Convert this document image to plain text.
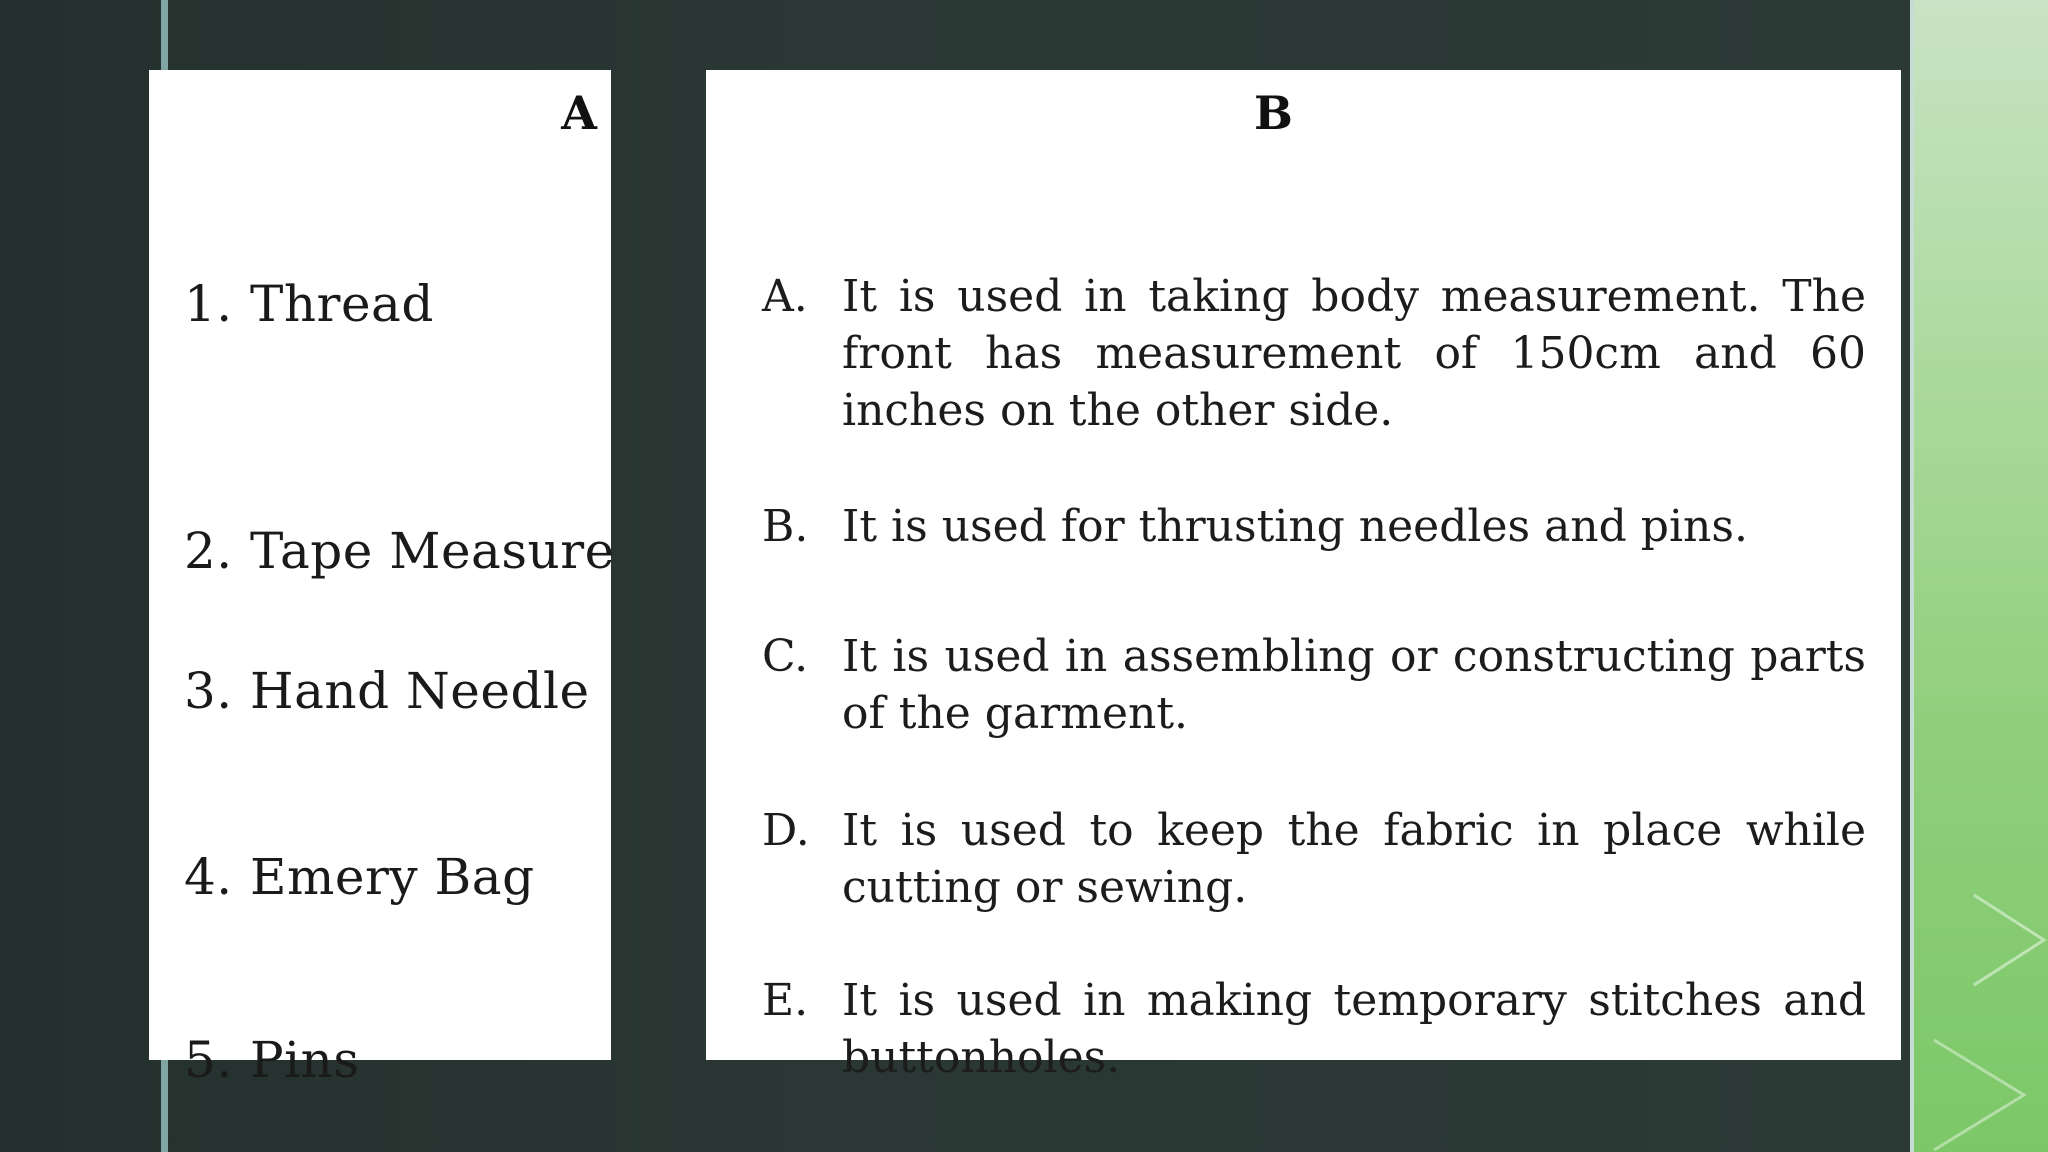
A
1. Thread
2. Tape Measure
3. Hand Needle
4. Emery Bag
5. Pins
B
A. It is used in taking body measurement. The front has measurement of 150cm and 60 inches on the other side.
B. It is used for thrusting needles and pins.
C. It is used in assembling or constructing parts of the garment.
D. It is used to keep the fabric in place while cutting or sewing.
E. It is used in making temporary stitches and buttonholes.
